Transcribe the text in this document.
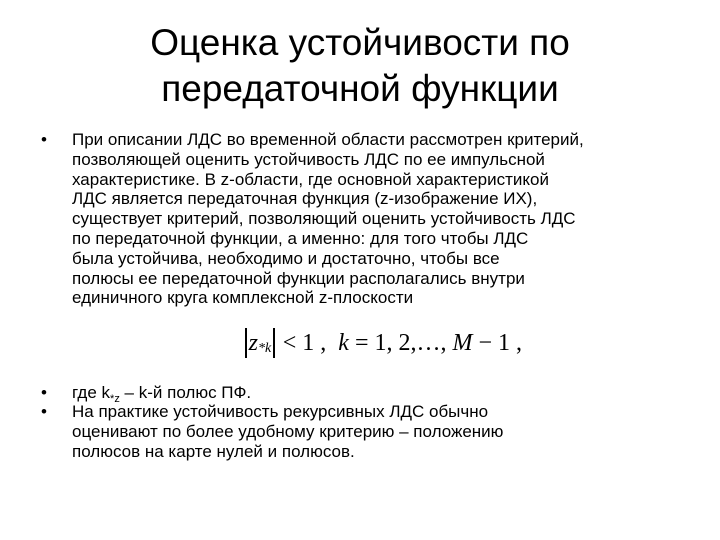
Оценка устойчивости по
передаточной функции
• При описании ЛДС во временной области рассмотрен критерий,
позволяющей оценить устойчивость ЛДС по ее импульсной
характеристике. В z-области, где основной характеристикой
ЛДС является передаточная функция (z-изображение ИХ),
существует критерий, позволяющий оценить устойчивость ЛДС
по передаточной функции, а именно: для того чтобы ЛДС
была устойчива, необходимо и достаточно, чтобы все
полюсы ее передаточной функции располагались внутри
единичного круга комплексной z-плоскости
z *k < 1 , k = 1, 2,…, M − 1 ,
• где $k_{*z} - k-й$ полюс ПФ.
• На практике устойчивость рекурсивных ЛДС обычно
оценивают по более удобному критерию – положению
полюсов на карте нулей и полюсов.
